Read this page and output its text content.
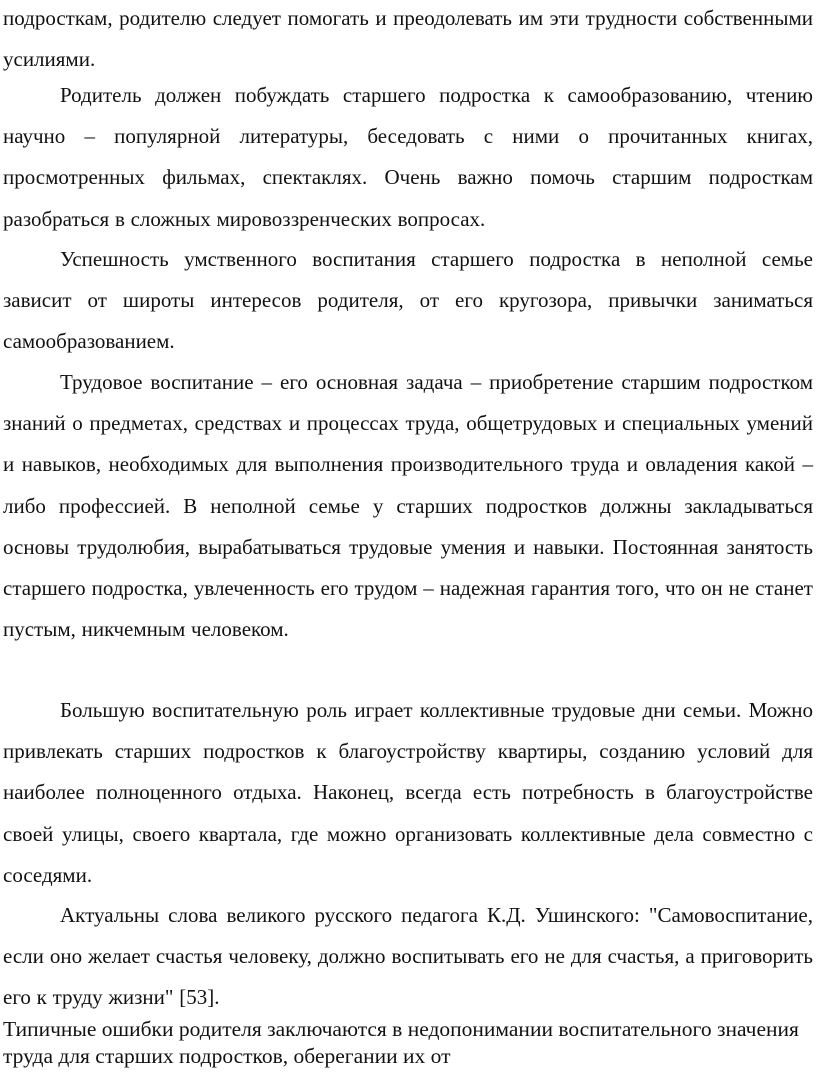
подросткам, родителю следует помогать и преодолевать им эти трудности собственными усилиями.

Родитель должен побуждать старшего подростка к самообразованию, чтению научно – популярной литературы, беседовать с ними о прочитанных книгах, просмотренных фильмах, спектаклях. Очень важно помочь старшим подросткам разобраться в сложных мировоззренческих вопросах.

Успешность умственного воспитания старшего подростка в неполной семье зависит от широты интересов родителя, от его кругозора, привычки заниматься самообразованием.

Трудовое воспитание – его основная задача – приобретение старшим подростком знаний о предметах, средствах и процессах труда, общетрудовых и специальных умений и навыков, необходимых для выполнения производительного труда и овладения какой – либо профессией. В неполной семье у старших подростков должны закладываться основы трудолюбия, вырабатываться трудовые умения и навыки. Постоянная занятость старшего подростка, увлеченность его трудом – надежная гарантия того, что он не станет пустым, никчемным человеком.

Большую воспитательную роль играет коллективные трудовые дни семьи. Можно привлекать старших подростков к благоустройству квартиры, созданию условий для наиболее полноценного отдыха. Наконец, всегда есть потребность в благоустройстве своей улицы, своего квартала, где можно организовать коллективные дела совместно с соседями.

Актуальны слова великого русского педагога К.Д. Ушинского: "Самовоспитание, если оно желает счастья человеку, должно воспитывать его не для счастья, а приговорить его к труду жизни" [53].

Типичные ошибки родителя заключаются в недопонимании воспитательного значения труда для старших подростков, оберегании их от
